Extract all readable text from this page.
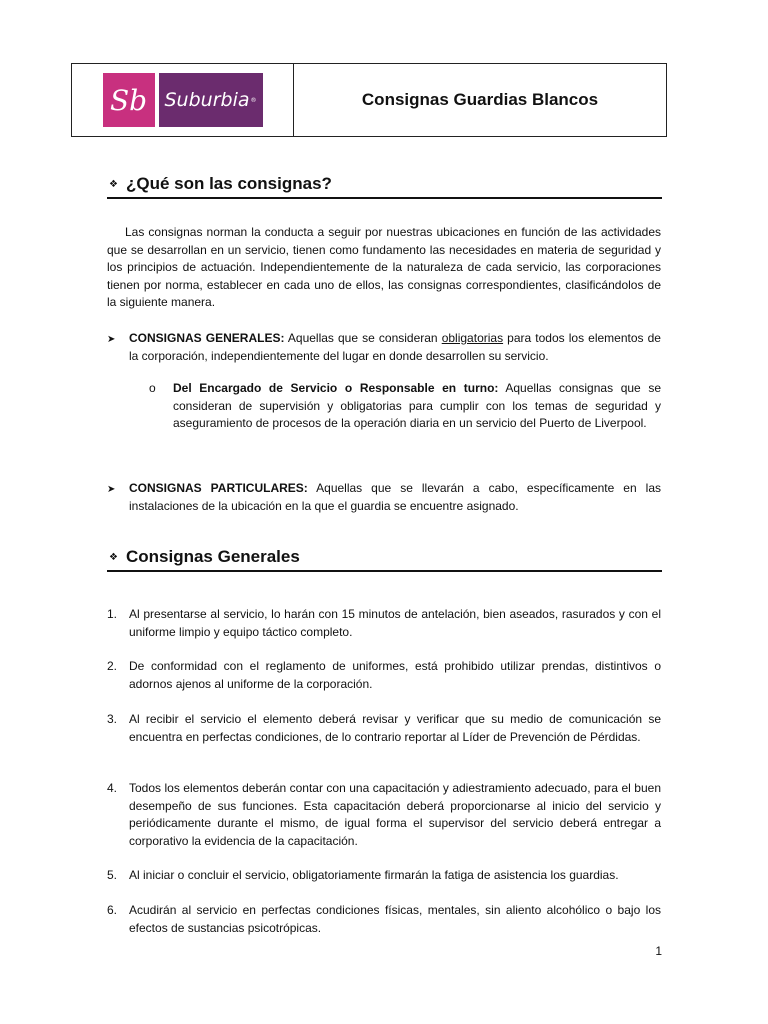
Sb Suburbia ®	Consignas Guardias Blancos
❖ ¿Qué son las consignas?
Las consignas norman la conducta a seguir por nuestras ubicaciones en función de las actividades que se desarrollan en un servicio, tienen como fundamento las necesidades en materia de seguridad y los principios de actuación. Independientemente de la naturaleza de cada servicio, las corporaciones tienen por norma, establecer en cada uno de ellos, las consignas correspondientes, clasificándolos de la siguiente manera.
➤	CONSIGNAS GENERALES: Aquellas que se consideran obligatorias para todos los elementos de la corporación, independientemente del lugar en donde desarrollen su servicio.
o	Del Encargado de Servicio o Responsable en turno: Aquellas consignas que se consideran de supervisión y obligatorias para cumplir con los temas de seguridad y aseguramiento de procesos de la operación diaria en un servicio del Puerto de Liverpool.
➤	CONSIGNAS PARTICULARES: Aquellas que se llevarán a cabo, específicamente en las instalaciones de la ubicación en la que el guardia se encuentre asignado.
❖ Consignas Generales
1. Al presentarse al servicio, lo harán con 15 minutos de antelación, bien aseados, rasurados y con el uniforme limpio y equipo táctico completo.
2. De conformidad con el reglamento de uniformes, está prohibido utilizar prendas, distintivos o adornos ajenos al uniforme de la corporación.
3. Al recibir el servicio el elemento deberá revisar y verificar que su medio de comunicación se encuentra en perfectas condiciones, de lo contrario reportar al Líder de Prevención de Pérdidas.
4. Todos los elementos deberán contar con una capacitación y adiestramiento adecuado, para el buen desempeño de sus funciones. Esta capacitación deberá proporcionarse al inicio del servicio y periódicamente durante el mismo, de igual forma el supervisor del servicio deberá entregar a corporativo la evidencia de la capacitación.
5. Al iniciar o concluir el servicio, obligatoriamente firmarán la fatiga de asistencia los guardias.
6. Acudirán al servicio en perfectas condiciones físicas, mentales, sin aliento alcohólico o bajo los efectos de sustancias psicotrópicas.
1
